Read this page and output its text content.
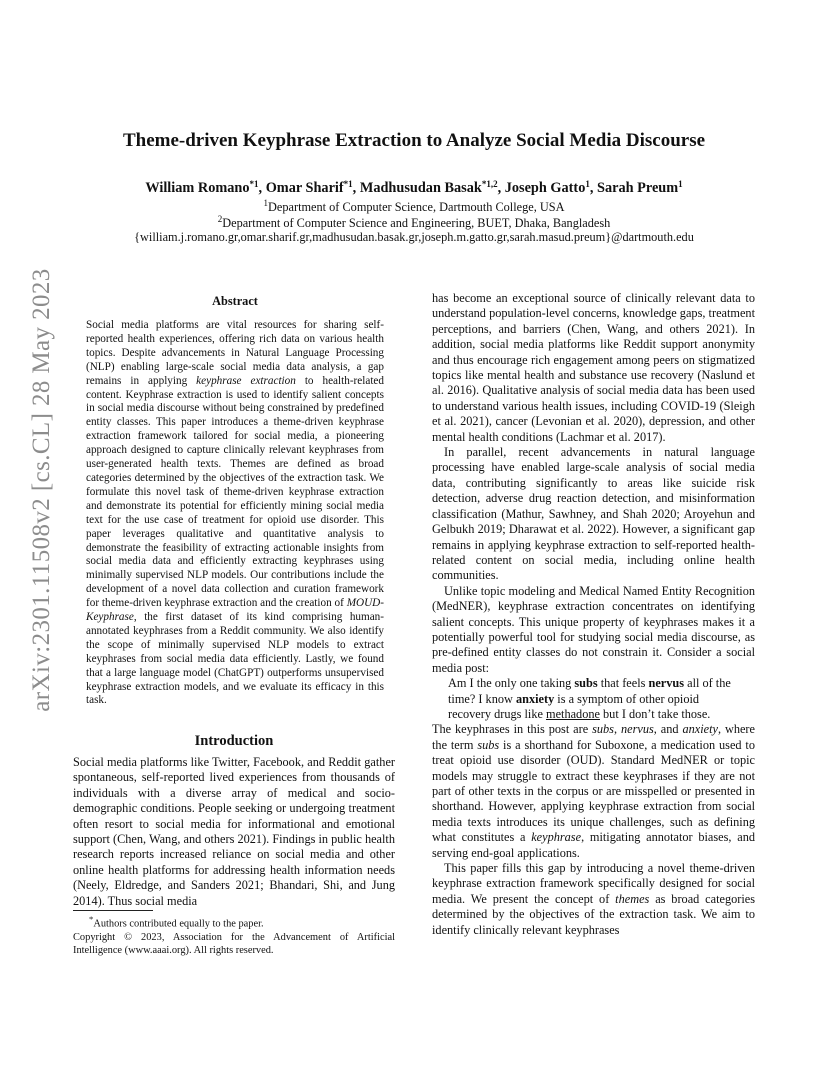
arXiv:2301.11508v2 [cs.CL] 28 May 2023
Theme-driven Keyphrase Extraction to Analyze Social Media Discourse
William Romano$^{*1}$, Omar Sharif$^{*1}$, Madhusudan Basak$^{*1,2}$, Joseph Gatto$^1$, Sarah Preum$^1$
$^1$Department of Computer Science, Dartmouth College, USA
$^2$Department of Computer Science and Engineering, BUET, Dhaka, Bangladesh
{william.j.romano.gr,omar.sharif.gr,madhusudan.basak.gr,joseph.m.gatto.gr,sarah.masud.preum}@dartmouth.edu
Abstract

Social media platforms are vital resources for sharing self-reported health experiences, offering rich data on various health topics. Despite advancements in Natural Language Processing (NLP) enabling large-scale social media data analysis, a gap remains in applying keyphrase extraction to health-related content. Keyphrase extraction is used to identify salient concepts in social media discourse without being constrained by predefined entity classes. This paper introduces a theme-driven keyphrase extraction framework tailored for social media, a pioneering approach designed to capture clinically relevant keyphrases from user-generated health texts. Themes are defined as broad categories determined by the objectives of the extraction task. We formulate this novel task of theme-driven keyphrase extraction and demonstrate its potential for efficiently mining social media text for the use case of treatment for opioid use disorder. This paper leverages qualitative and quantitative analysis to demonstrate the feasibility of extracting actionable insights from social media data and efficiently extracting keyphrases using minimally supervised NLP models. Our contributions include the development of a novel data collection and curation framework for theme-driven keyphrase extraction and the creation of MOUD-Keyphrase, the first dataset of its kind comprising human-annotated keyphrases from a Reddit community. We also identify the scope of minimally supervised NLP models to extract keyphrases from social media data efficiently. Lastly, we found that a large language model (ChatGPT) outperforms unsupervised keyphrase extraction models, and we evaluate its efficacy in this task.

Introduction

Social media platforms like Twitter, Facebook, and Reddit gather spontaneous, self-reported lived experiences from thousands of individuals with a diverse array of medical and socio-demographic conditions. People seeking or undergoing treatment often resort to social media for informational and emotional support (Chen, Wang, and others 2021). Findings in public health research reports increased reliance on social media and other online health platforms for addressing health information needs (Neely, Eldredge, and Sanders 2021; Bhandari, Shi, and Jung 2014). Thus social media

*Authors contributed equally to the paper.

Copyright © 2023, Association for the Advancement of Artificial Intelligence (www.aaai.org). All rights reserved.

has become an exceptional source of clinically relevant data to understand population-level concerns, knowledge gaps, treatment perceptions, and barriers (Chen, Wang, and others 2021). In addition, social media platforms like Reddit support anonymity and thus encourage rich engagement among peers on stigmatized topics like mental health and substance use recovery (Naslund et al. 2016). Qualitative analysis of social media data has been used to understand various health issues, including COVID-19 (Sleigh et al. 2021), cancer (Levonian et al. 2020), depression, and other mental health conditions (Lachmar et al. 2017).

In parallel, recent advancements in natural language processing have enabled large-scale analysis of social media data, contributing significantly to areas like suicide risk detection, adverse drug reaction detection, and misinformation classification (Mathur, Sawhney, and Shah 2020; Aroyehun and Gelbukh 2019; Dharawat et al. 2022). However, a significant gap remains in applying keyphrase extraction to self-reported health-related content on social media, including online health communities.

Unlike topic modeling and Medical Named Entity Recognition (MedNER), keyphrase extraction concentrates on identifying salient concepts. This unique property of keyphrases makes it a potentially powerful tool for studying social media discourse, as pre-defined entity classes do not constrain it. Consider a social media post:

Am I the only one taking subs that feels nervus all of the time? I know anxiety is a symptom of other opioid recovery drugs like methadone but I don’t take those.

The keyphrases in this post are subs, nervus, and anxiety, where the term subs is a shorthand for Suboxone, a medication used to treat opioid use disorder (OUD). Standard MedNER or topic models may struggle to extract these keyphrases if they are not part of other texts in the corpus or are misspelled or presented in shorthand. However, applying keyphrase extraction from social media texts introduces its unique challenges, such as defining what constitutes a keyphrase, mitigating annotator biases, and serving end-goal applications.

This paper fills this gap by introducing a novel theme-driven keyphrase extraction framework specifically designed for social media. We present the concept of themes as broad categories determined by the objectives of the extraction task. We aim to identify clinically relevant keyphrases
